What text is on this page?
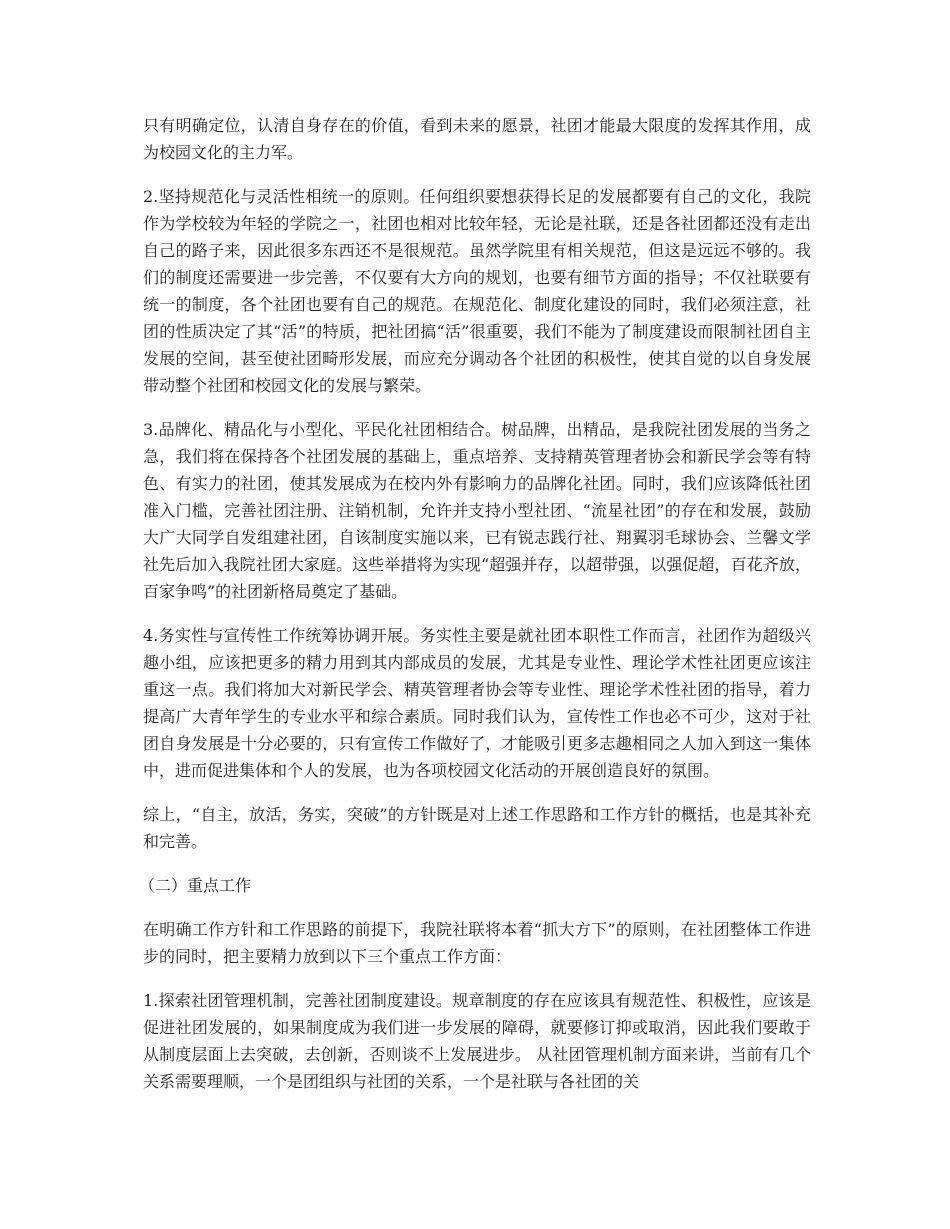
只有明确定位，认清自身存在的价值，看到未来的愿景，社团才能最大限度的发挥其作用，成为校园文化的主力军。

2.坚持规范化与灵活性相统一的原则。任何组织要想获得长足的发展都要有自己的文化，我院作为学校较为年轻的学院之一，社团也相对比较年轻，无论是社联，还是各社团都还没有走出自己的路子来，因此很多东西还不是很规范。虽然学院里有相关规范，但这是远远不够的。我们的制度还需要进一步完善，不仅要有大方向的规划，也要有细节方面的指导；不仅社联要有统一的制度，各个社团也要有自己的规范。在规范化、制度化建设的同时，我们必须注意，社团的性质决定了其“活”的特质，把社团搞“活”很重要，我们不能为了制度建设而限制社团自主发展的空间，甚至使社团畸形发展，而应充分调动各个社团的积极性，使其自觉的以自身发展带动整个社团和校园文化的发展与繁荣。

3.品牌化、精品化与小型化、平民化社团相结合。树品牌，出精品，是我院社团发展的当务之急，我们将在保持各个社团发展的基础上，重点培养、支持精英管理者协会和新民学会等有特色、有实力的社团，使其发展成为在校内外有影响力的品牌化社团。同时，我们应该降低社团准入门槛，完善社团注册、注销机制，允许并支持小型社团、“流星社团”的存在和发展，鼓励大广大同学自发组建社团，自该制度实施以来，已有锐志践行社、翔翼羽毛球协会、兰馨文学社先后加入我院社团大家庭。这些举措将为实现“超强并存，以超带强，以强促超，百花齐放，百家争鸣”的社团新格局奠定了基础。

4.务实性与宣传性工作统筹协调开展。务实性主要是就社团本职性工作而言，社团作为超级兴趣小组，应该把更多的精力用到其内部成员的发展，尤其是专业性、理论学术性社团更应该注重这一点。我们将加大对新民学会、精英管理者协会等专业性、理论学术性社团的指导，着力提高广大青年学生的专业水平和综合素质。同时我们认为，宣传性工作也必不可少，这对于社团自身发展是十分必要的，只有宣传工作做好了，才能吸引更多志趣相同之人加入到这一集体中，进而促进集体和个人的发展，也为各项校园文化活动的开展创造良好的氛围。

综上，“自主，放活，务实，突破”的方针既是对上述工作思路和工作方针的概括，也是其补充和完善。

（二）重点工作

在明确工作方针和工作思路的前提下，我院社联将本着“抓大方下”的原则，在社团整体工作进步的同时，把主要精力放到以下三个重点工作方面：

1.探索社团管理机制，完善社团制度建设。规章制度的存在应该具有规范性、积极性，应该是促进社团发展的，如果制度成为我们进一步发展的障碍，就要修订抑或取消，因此我们要敢于从制度层面上去突破，去创新，否则谈不上发展进步。 从社团管理机制方面来讲，当前有几个关系需要理顺，一个是团组织与社团的关系，一个是社联与各社团的关
